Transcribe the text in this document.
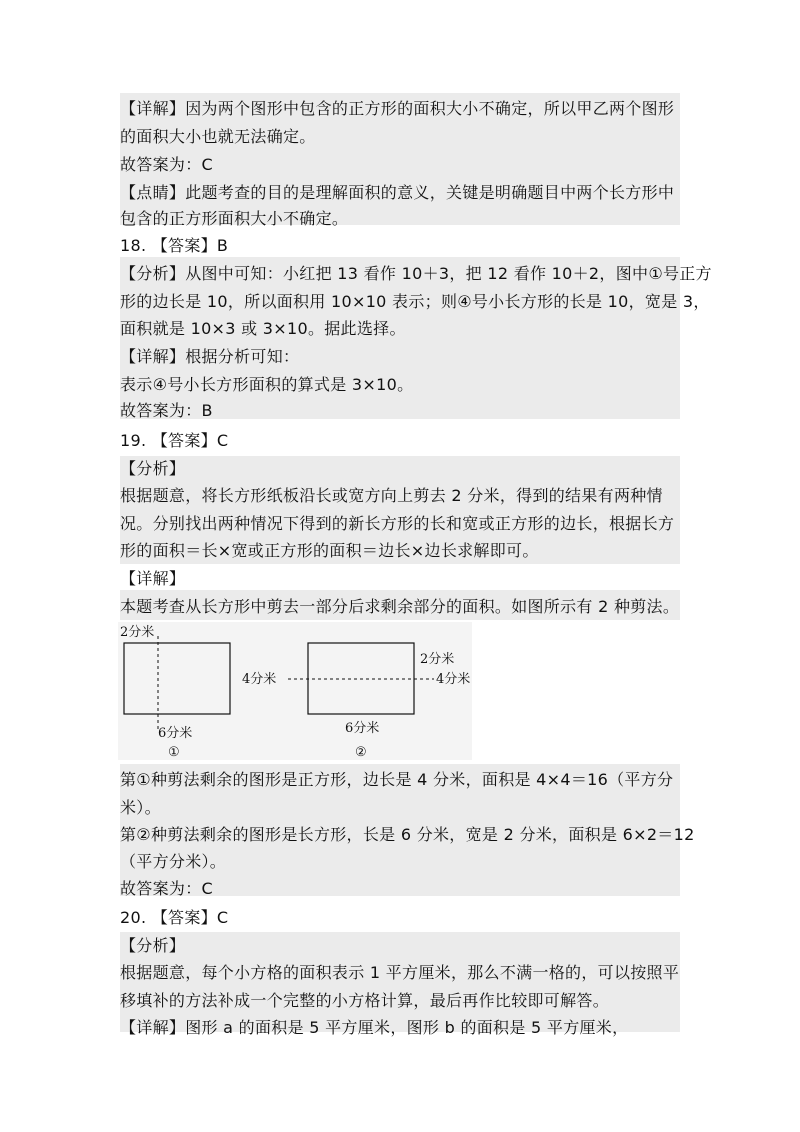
【详解】因为两个图形中包含的正方形的面积大小不确定，所以甲乙两个图形
的面积大小也就无法确定。
故答案为：C
【点睛】此题考查的目的是理解面积的意义，关键是明确题目中两个长方形中
包含的正方形面积大小不确定。
18. 【答案】B
【分析】从图中可知：小红把 13 看作 10＋3，把 12 看作 10＋2，图中①号正方
形的边长是 10，所以面积用 10×10 表示；则④号小长方形的长是 10，宽是 3，
面积就是 10×3 或 3×10。据此选择。
【详解】根据分析可知：
表示④号小长方形面积的算式是 3×10。
故答案为：B
19. 【答案】C
【分析】
根据题意，将长方形纸板沿长或宽方向上剪去 2 分米，得到的结果有两种情
况。分别找出两种情况下得到的新长方形的长和宽或正方形的边长，根据长方
形的面积＝长×宽或正方形的面积＝边长×边长求解即可。
【详解】
本题考查从长方形中剪去一部分后求剩余部分的面积。如图所示有 2 种剪法。
2分米
6分米
①
4分米
2分米
4分米
6分米
②
第①种剪法剩余的图形是正方形，边长是 4 分米，面积是 4×4＝16（平方分
米）。
第②种剪法剩余的图形是长方形，长是 6 分米，宽是 2 分米，面积是 6×2＝12
（平方分米）。
故答案为：C
20. 【答案】C
【分析】
根据题意，每个小方格的面积表示 1 平方厘米，那么不满一格的，可以按照平
移填补的方法补成一个完整的小方格计算，最后再作比较即可解答。
【详解】图形 a 的面积是 5 平方厘米，图形 b 的面积是 5 平方厘米，
